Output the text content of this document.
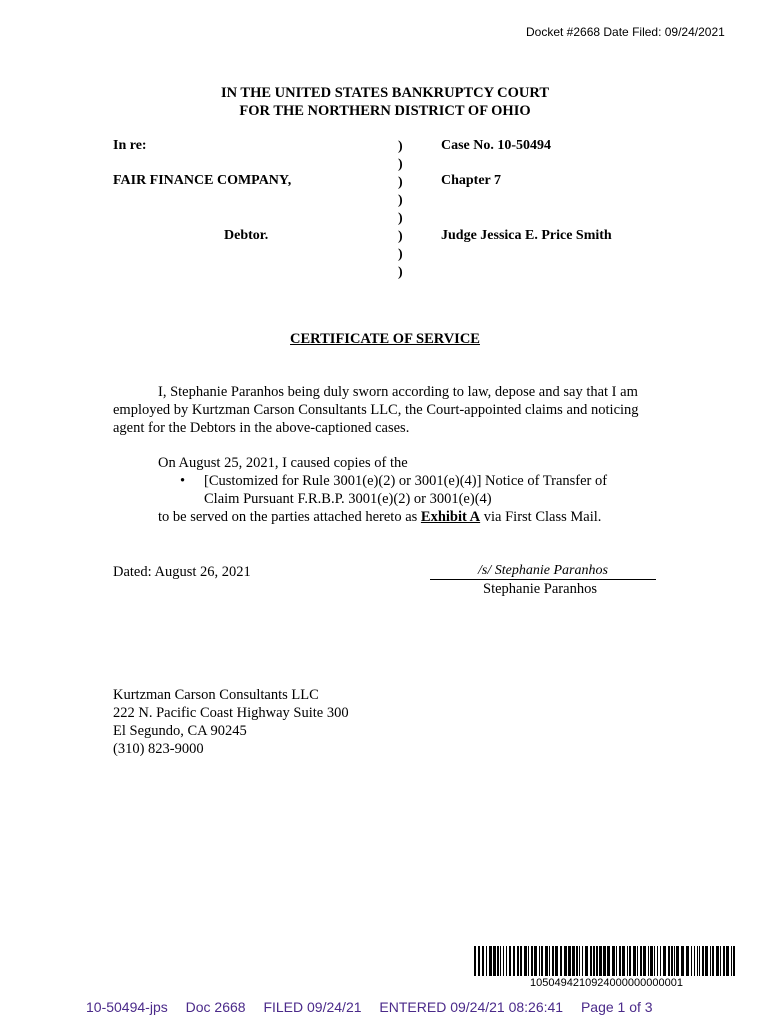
Docket #2668 Date Filed: 09/24/2021
IN THE UNITED STATES BANKRUPTCY COURT
FOR THE NORTHERN DISTRICT OF OHIO
In re:
FAIR FINANCE COMPANY,
Debtor.
)
)
)
)
)
)
)
)
Case No. 10-50494
Chapter 7
Judge Jessica E. Price Smith
CERTIFICATE OF SERVICE
I, Stephanie Paranhos being duly sworn according to law, depose and say that I am
employed by Kurtzman Carson Consultants LLC, the Court-appointed claims and noticing
agent for the Debtors in the above-captioned cases.
On August 25, 2021, I caused copies of the
• [Customized for Rule 3001(e)(2) or 3001(e)(4)] Notice of Transfer of
Claim Pursuant F.R.B.P. 3001(e)(2) or 3001(e)(4)
to be served on the parties attached hereto as Exhibit A via First Class Mail.
Dated: August 26, 2021	/s/ Stephanie Paranhos
Stephanie Paranhos
Kurtzman Carson Consultants LLC
222 N. Pacific Coast Highway Suite 300
El Segundo, CA 90245
(310) 823-9000
1050494210924000000000001
10-50494-jps Doc 2668 FILED 09/24/21 ENTERED 09/24/21 08:26:41 Page 1 of 3
